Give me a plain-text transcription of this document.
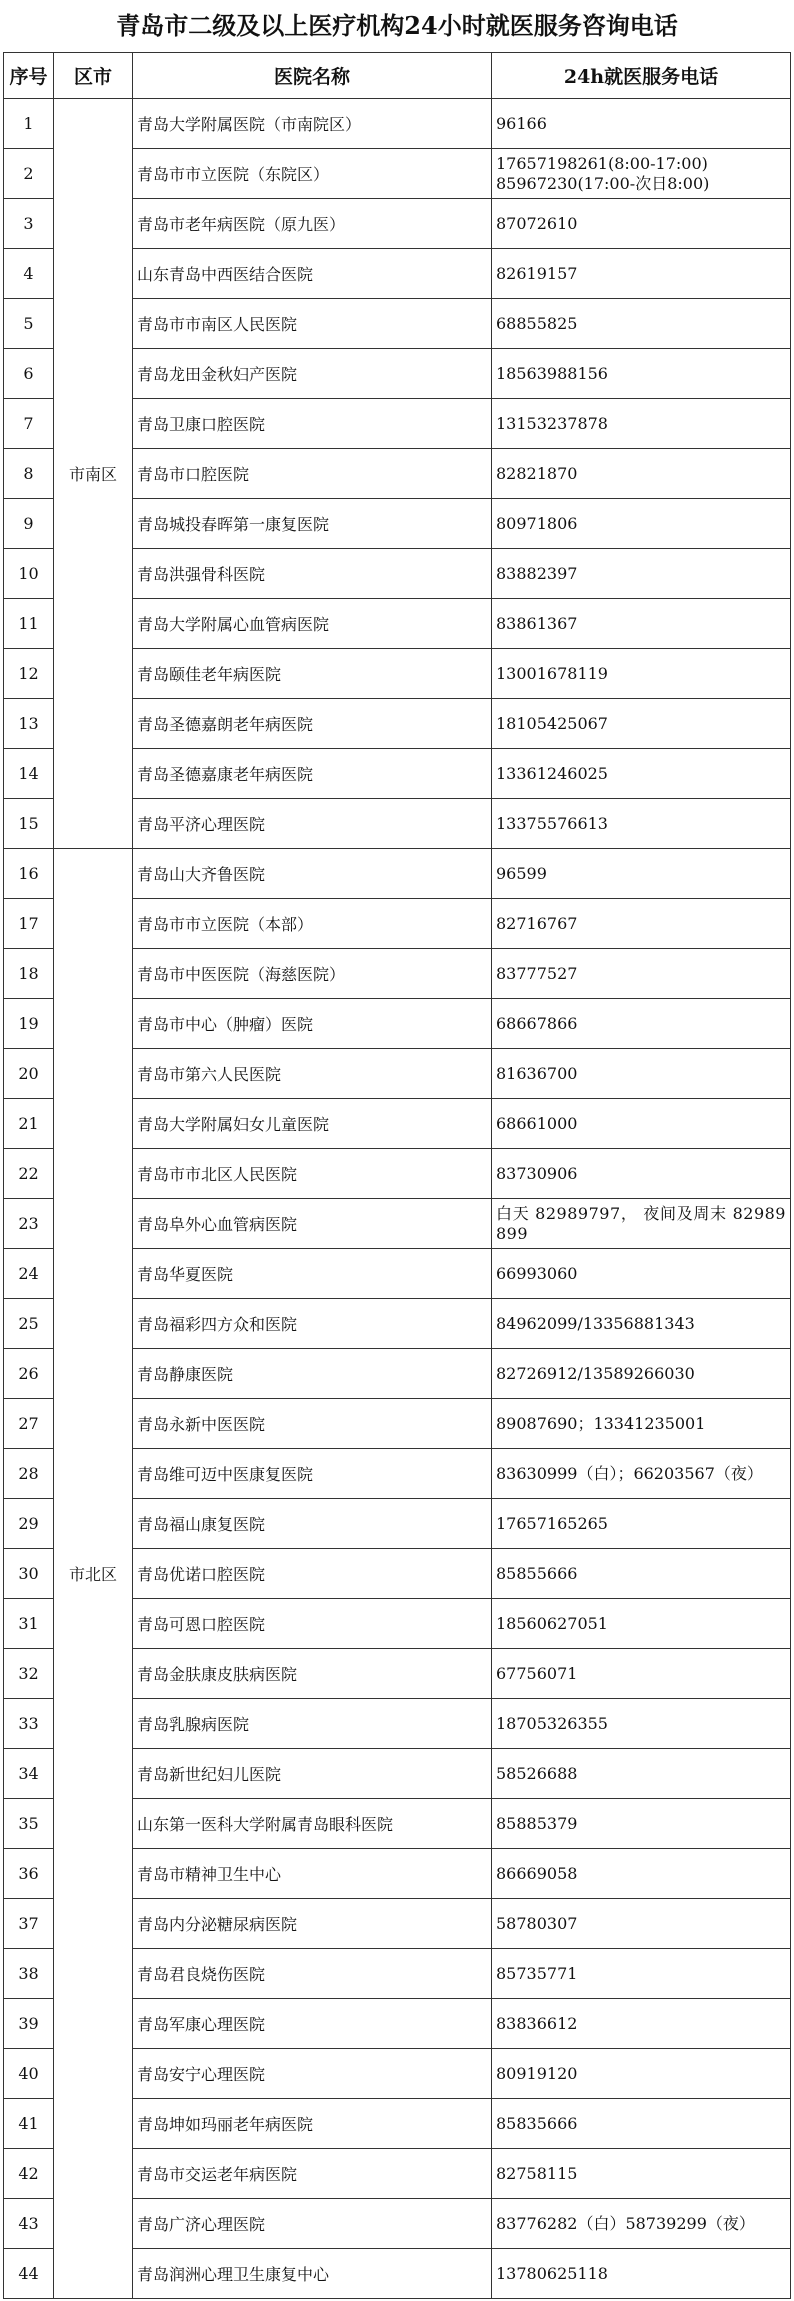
青岛市二级及以上医疗机构24小时就医服务咨询电话
序号	区市	医院名称	24h就医服务电话
1	市南区	青岛大学附属医院（市南院区）	96166
2		青岛市市立医院（东院区）	17657198261(8:00-17:00)
85967230(17:00-次日8:00)
3		青岛市老年病医院（原九医）	87072610
4		山东青岛中西医结合医院	82619157
5		青岛市市南区人民医院	68855825
6		青岛龙田金秋妇产医院	18563988156
7		青岛卫康口腔医院	13153237878
8		青岛市口腔医院	82821870
9		青岛城投春晖第一康复医院	80971806
10		青岛洪强骨科医院	83882397
11		青岛大学附属心血管病医院	83861367
12		青岛颐佳老年病医院	13001678119
13		青岛圣德嘉朗老年病医院	18105425067
14		青岛圣德嘉康老年病医院	13361246025
15		青岛平济心理医院	13375576613
16	市北区	青岛山大齐鲁医院	96599
17		青岛市市立医院（本部）	82716767
18		青岛市中医医院（海慈医院）	83777527
19		青岛市中心（肿瘤）医院	68667866
20		青岛市第六人民医院	81636700
21		青岛大学附属妇女儿童医院	68661000
22		青岛市市北区人民医院	83730906
23		青岛阜外心血管病医院	白天 82989797， 夜间及周末 82989899
24		青岛华夏医院	66993060
25		青岛福彩四方众和医院	84962099/13356881343
26		青岛静康医院	82726912/13589266030
27		青岛永新中医医院	89087690；13341235001
28		青岛维可迈中医康复医院	83630999（白）；66203567（夜）
29		青岛福山康复医院	17657165265
30		青岛优诺口腔医院	85855666
31		青岛可恩口腔医院	18560627051
32		青岛金肤康皮肤病医院	67756071
33		青岛乳腺病医院	18705326355
34		青岛新世纪妇儿医院	58526688
35		山东第一医科大学附属青岛眼科医院	85885379
36		青岛市精神卫生中心	86669058
37		青岛内分泌糖尿病医院	58780307
38		青岛君良烧伤医院	85735771
39		青岛军康心理医院	83836612
40		青岛安宁心理医院	80919120
41		青岛坤如玛丽老年病医院	85835666
42		青岛市交运老年病医院	82758115
43		青岛广济心理医院	83776282（白）58739299（夜）
44		青岛润洲心理卫生康复中心	13780625118
